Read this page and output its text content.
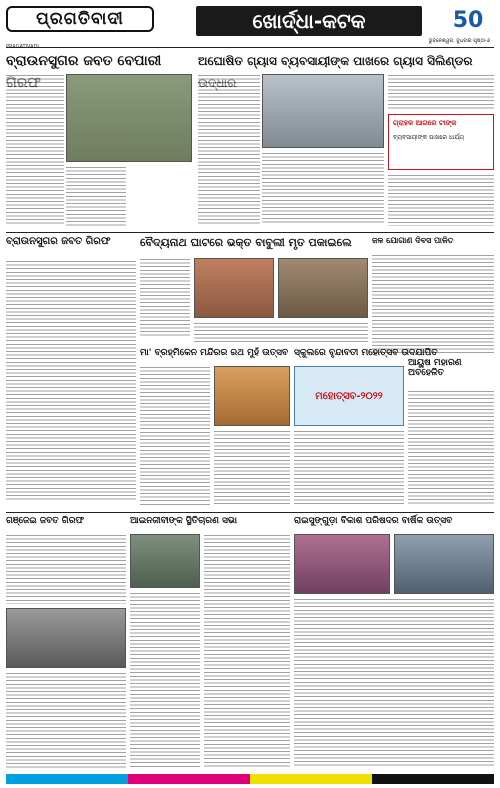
ପ୍ରଗତିବାଦୀ	ଖୋର୍ଦ୍ଧା-କଟକ	50
ଭୁବନେଶ୍ୱର, ବୁଧବାର ପୃଷ୍ଠା-୬
ବ୍ରାଉନସୁଗର ଜବତ ବେପାରୀ	ଅଘୋଷିତ ଗ୍ୟାସ ବ୍ୟବସାୟୀଙ୍କ ପାଖରେ ଗ୍ୟାସ ସିଲିଣ୍ଡର
ଗ୍ରାହକ ଆଗରେ ଟାଙ୍କ
ବ୍ୟବସାୟୀଙ୍କ ପାଖରେ ଧାର୍ଯ୍ୟ
ବ୍ରାଉନସୁଗର ଜବତ ଗିରଫ	ବୈଦ୍ୟନାଥ ଘାଟରେ ଭକ୍ତ ବାବୁଲୀ ମୃତ ପକାଇଲେ	ଜଳ ଯୋଗାଣ ଦିବସ ପାଳିତ
ମା' ବ୍ରହ୍ମିକେନ ମନ୍ଦିରର ରଥ ମୁହଁ ଉତ୍ସବ ସ୍କୁଲରେ ବୃନ୍ଦାବତୀ ମହୋତ୍ସବ ଉଦଯାପିତ
ମହୋତ୍ସବ-୨୦୨୨
ଆୟୁଷ ମହାରଣ ଅବହେଳିତ
ଗଞ୍ଜେଇ ଜବତ ଗିରଫ	ଆଇନଜୀବୀଙ୍କ ସ୍ଥିତିଚାରଣ ସଭା	ରାଇସୁଙ୍ଗୁଡ଼ା ବିକାଶ ପରିଷଦର ବାର୍ଷିକ ଉତ୍ସବ
